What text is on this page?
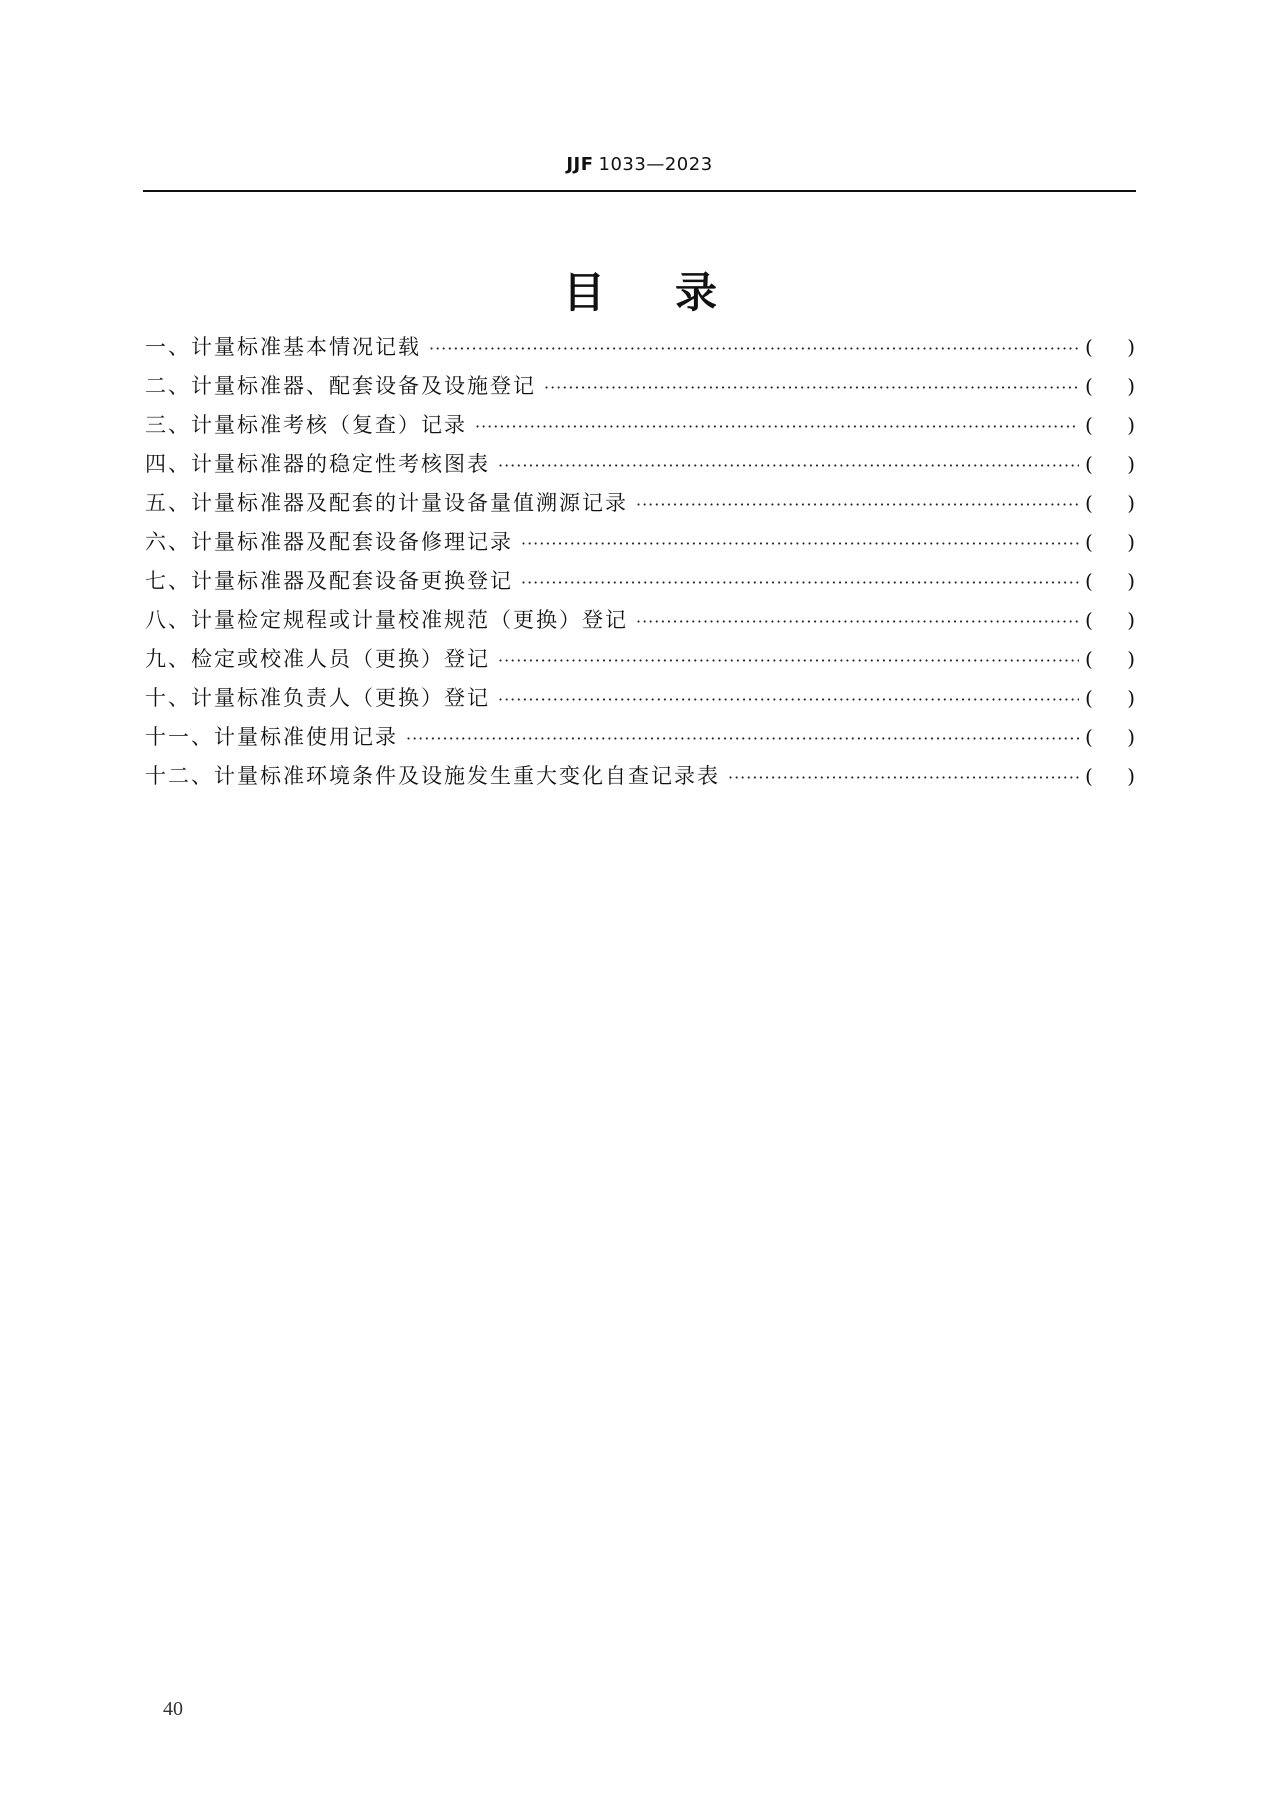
JJF 1033—2023
目录
一、计量标准基本情况记载 ·····	( )
二、计量标准器、配套设备及设施登记 ·····	( )
三、计量标准考核（复查）记录 ·····	( )
四、计量标准器的稳定性考核图表 ·····	( )
五、计量标准器及配套的计量设备量值溯源记录 ·····	( )
六、计量标准器及配套设备修理记录 ·····	( )
七、计量标准器及配套设备更换登记 ·····	( )
八、计量检定规程或计量校准规范（更换）登记 ·····	( )
九、检定或校准人员（更换）登记 ·····	( )
十、计量标准负责人（更换）登记 ·····	( )
十一、计量标准使用记录 ·····	( )
十二、计量标准环境条件及设施发生重大变化自查记录表 ·····	( )
40
